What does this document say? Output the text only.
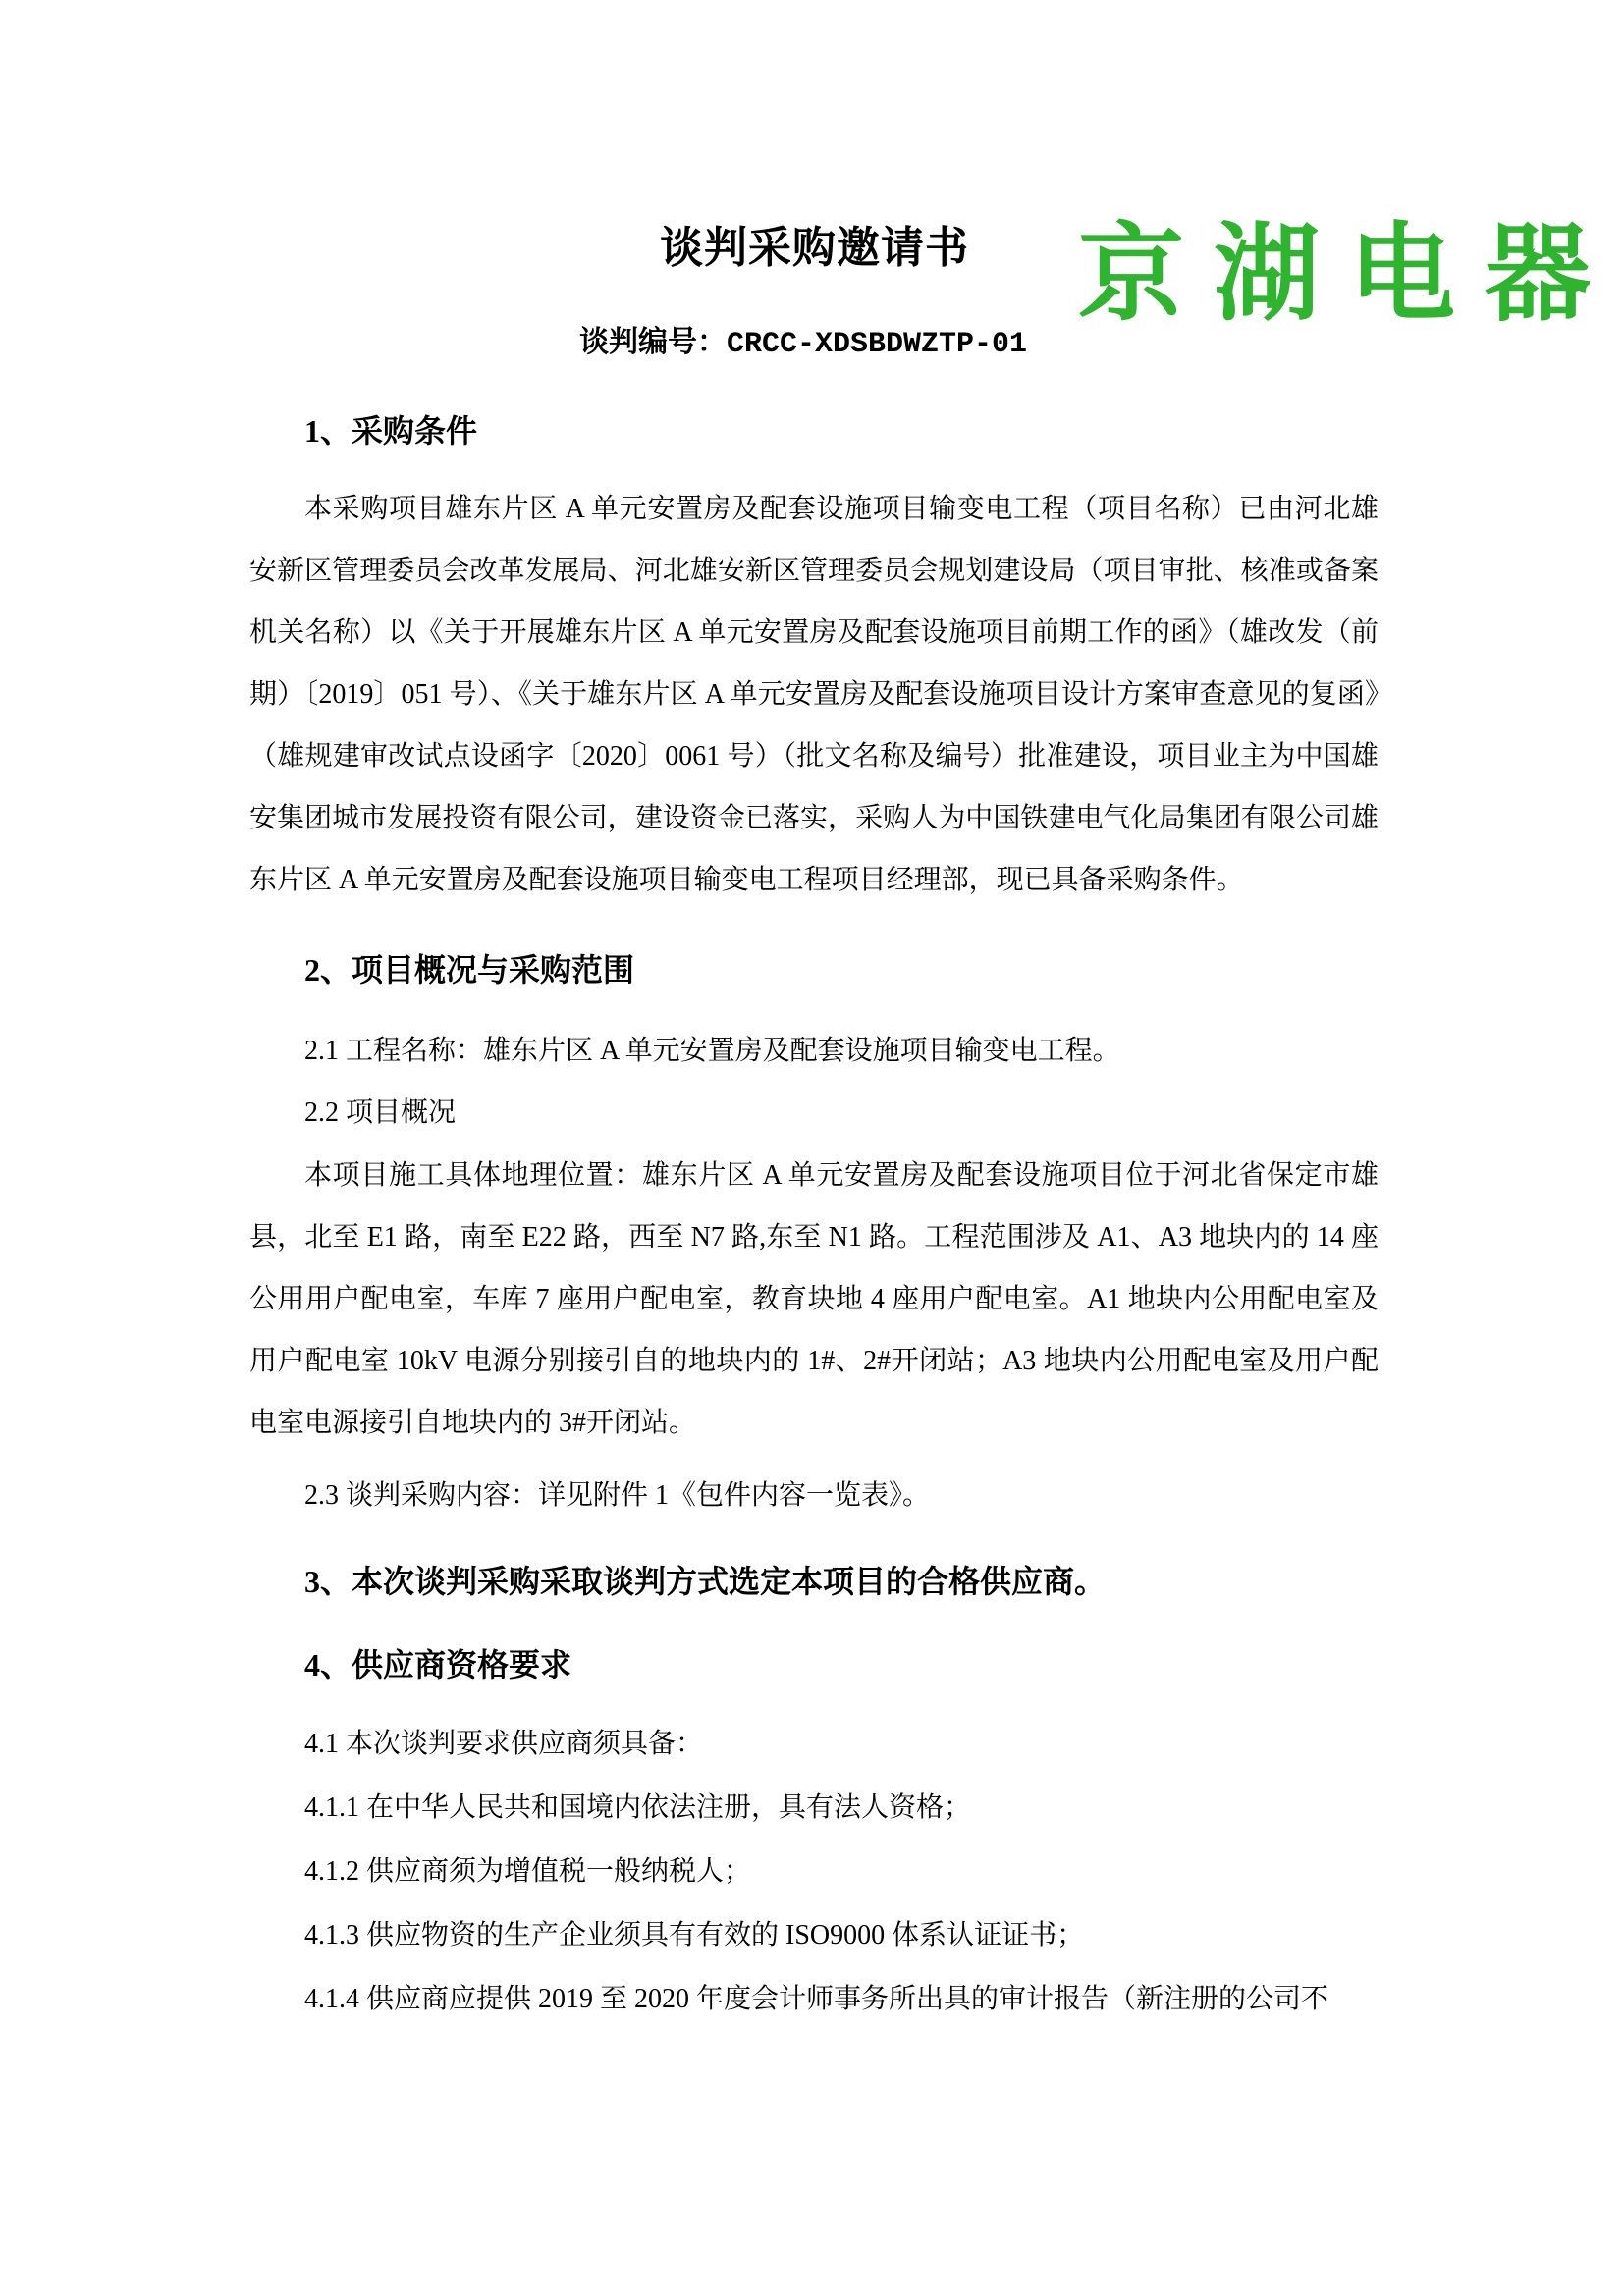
谈判采购邀请书 京湖电器
谈判编号：CRCC-XDSBDWZTP-01
1、采购条件

本采购项目雄东片区 A 单元安置房及配套设施项目输变电工程（项目名称）已由河北雄安新区管理委员会改革发展局、河北雄安新区管理委员会规划建设局（项目审批、核准或备案机关名称）以《关于开展雄东片区 A 单元安置房及配套设施项目前期工作的函》（雄改发（前期）〔2019〕051 号）、《关于雄东片区 A 单元安置房及配套设施项目设计方案审查意见的复函》（雄规建审改试点设函字〔2020〕0061 号）（批文名称及编号）批准建设，项目业主为中国雄安集团城市发展投资有限公司，建设资金已落实，采购人为中国铁建电气化局集团有限公司雄东片区 A 单元安置房及配套设施项目输变电工程项目经理部，现已具备采购条件。

2、项目概况与采购范围

2.1 工程名称：雄东片区 A 单元安置房及配套设施项目输变电工程。

2.2 项目概况

本项目施工具体地理位置：雄东片区 A 单元安置房及配套设施项目位于河北省保定市雄县，北至 E1 路，南至 E22 路，西至 N7 路,东至 N1 路。工程范围涉及 A1、A3 地块内的 14 座公用用户配电室，车库 7 座用户配电室，教育块地 4 座用户配电室。A1 地块内公用配电室及用户配电室 10kV 电源分别接引自的地块内的 1#、2#开闭站；A3 地块内公用配电室及用户配电室电源接引自地块内的 3#开闭站。

2.3 谈判采购内容：详见附件 1《包件内容一览表》。

3、本次谈判采购采取谈判方式选定本项目的合格供应商。
4、供应商资格要求

4.1 本次谈判要求供应商须具备：

4.1.1 在中华人民共和国境内依法注册，具有法人资格；

4.1.2 供应商须为增值税一般纳税人；

4.1.3 供应物资的生产企业须具有有效的 ISO9000 体系认证证书；

4.1.4 供应商应提供 2019 至 2020 年度会计师事务所出具的审计报告（新注册的公司不
